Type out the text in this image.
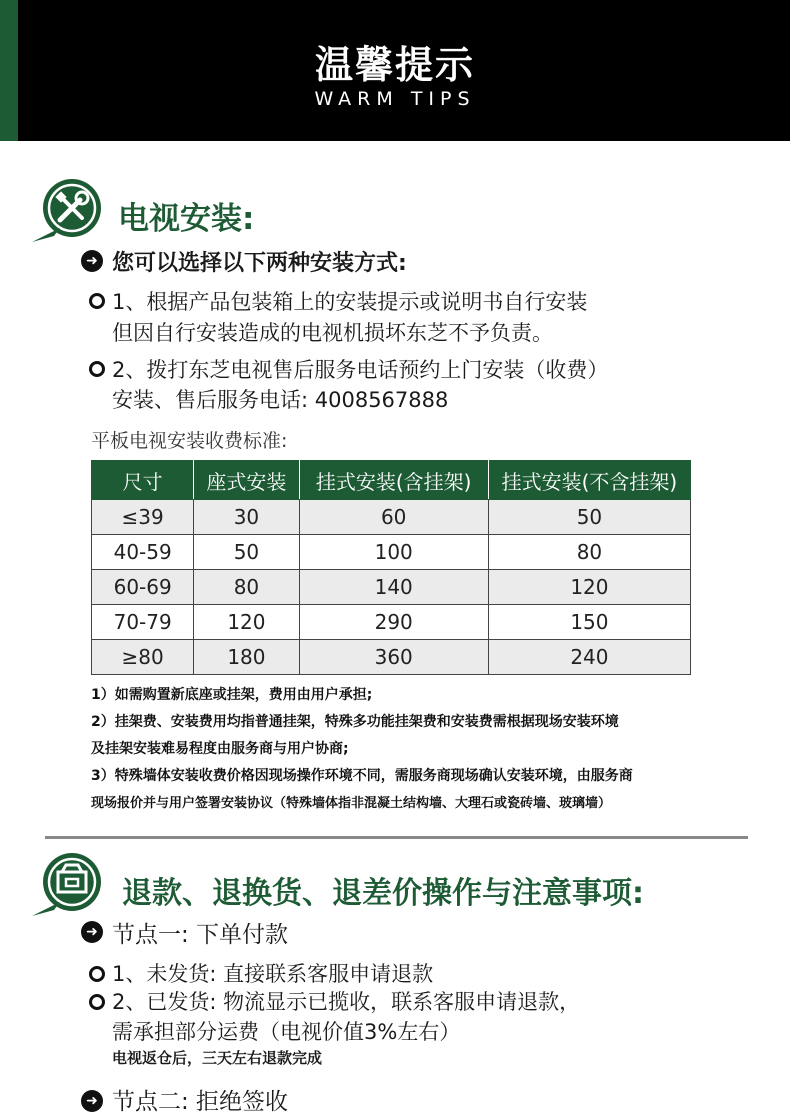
温馨提示
WARM TIPS
电视安装:
➜ 您可以选择以下两种安装方式:
1、根据产品包装箱上的安装提示或说明书自行安装
但因自行安装造成的电视机损坏东芝不予负责。
2、拨打东芝电视售后服务电话预约上门安装（收费）
安装、售后服务电话: 4008567888
平板电视安装收费标准:
尺寸	座式安装	挂式安装(含挂架)	挂式安装(不含挂架)
≤39	30	60	50
40-59	50	100	80
60-69	80	140	120
70-79	120	290	150
≥80	180	360	240
1）如需购置新底座或挂架，费用由用户承担;
2）挂架费、安装费用均指普通挂架，特殊多功能挂架费和安装费需根据现场安装环境
及挂架安装难易程度由服务商与用户协商;
3）特殊墙体安装收费价格因现场操作环境不同，需服务商现场确认安装环境，由服务商
现场报价并与用户签署安装协议（特殊墙体指非混凝土结构墙、大理石或瓷砖墙、玻璃墙）
退款、退换货、退差价操作与注意事项:
➜ 节点一: 下单付款
1、未发货: 直接联系客服申请退款
2、已发货: 物流显示已揽收，联系客服申请退款，
需承担部分运费（电视价值3%左右）
电视返仓后，三天左右退款完成
➜ 节点二: 拒绝签收
